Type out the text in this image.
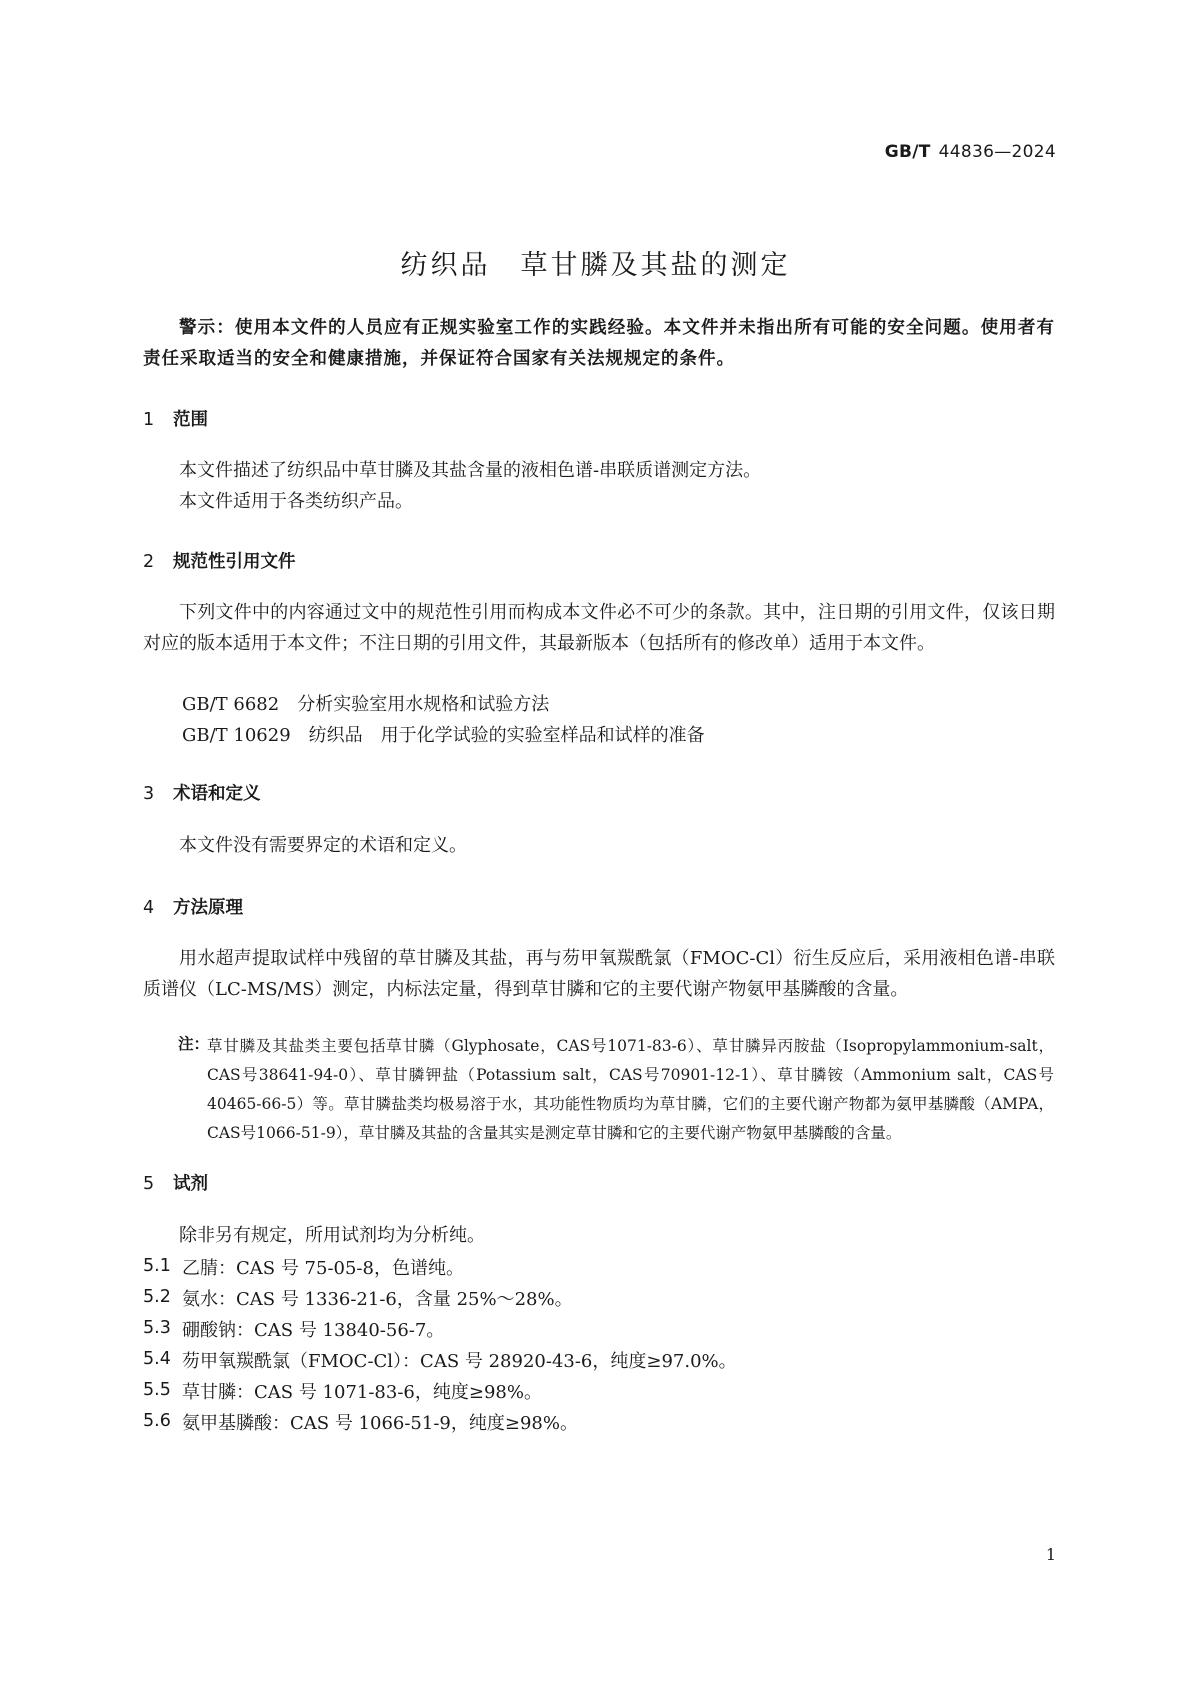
GB/T 44836—2024
纺织品　草甘膦及其盐的测定
警示：使用本文件的人员应有正规实验室工作的实践经验。本文件并未指出所有可能的安全问题。使用者有责任采取适当的安全和健康措施，并保证符合国家有关法规规定的条件。
1 范围
本文件描述了纺织品中草甘膦及其盐含量的液相色谱-串联质谱测定方法。
本文件适用于各类纺织产品。
2 规范性引用文件
下列文件中的内容通过文中的规范性引用而构成本文件必不可少的条款。其中，注日期的引用文件，仅该日期对应的版本适用于本文件；不注日期的引用文件，其最新版本（包括所有的修改单）适用于本文件。
GB/T 6682　分析实验室用水规格和试验方法
GB/T 10629　纺织品　用于化学试验的实验室样品和试样的准备
3 术语和定义
本文件没有需要界定的术语和定义。
4 方法原理
用水超声提取试样中残留的草甘膦及其盐，再与芴甲氧羰酰氯（FMOC-Cl）衍生反应后，采用液相色谱-串联质谱仪（LC-MS/MS）测定，内标法定量，得到草甘膦和它的主要代谢产物氨甲基膦酸的含量。
注：
草甘膦及其盐类主要包括草甘膦（Glyphosate，CAS号1071-83-6）、草甘膦异丙胺盐（Isopropylammonium-salt，CAS号38641-94-0）、草甘膦钾盐（Potassium salt，CAS号70901-12-1）、草甘膦铵（Ammonium salt，CAS号40465-66-5）等。草甘膦盐类均极易溶于水，其功能性物质均为草甘膦，它们的主要代谢产物都为氨甲基膦酸（AMPA，CAS号1066-51-9），草甘膦及其盐的含量其实是测定草甘膦和它的主要代谢产物氨甲基膦酸的含量。
5 试剂
除非另有规定，所用试剂均为分析纯。
5.1 乙腈：CAS 号 75-05-8，色谱纯。
5.2 氨水：CAS 号 1336-21-6，含量 25%～28%。
5.3 硼酸钠：CAS 号 13840-56-7。
5.4 芴甲氧羰酰氯（FMOC-Cl）：CAS 号 28920-43-6，纯度≥97.0%。
5.5 草甘膦：CAS 号 1071-83-6，纯度≥98%。
5.6 氨甲基膦酸：CAS 号 1066-51-9，纯度≥98%。
1
